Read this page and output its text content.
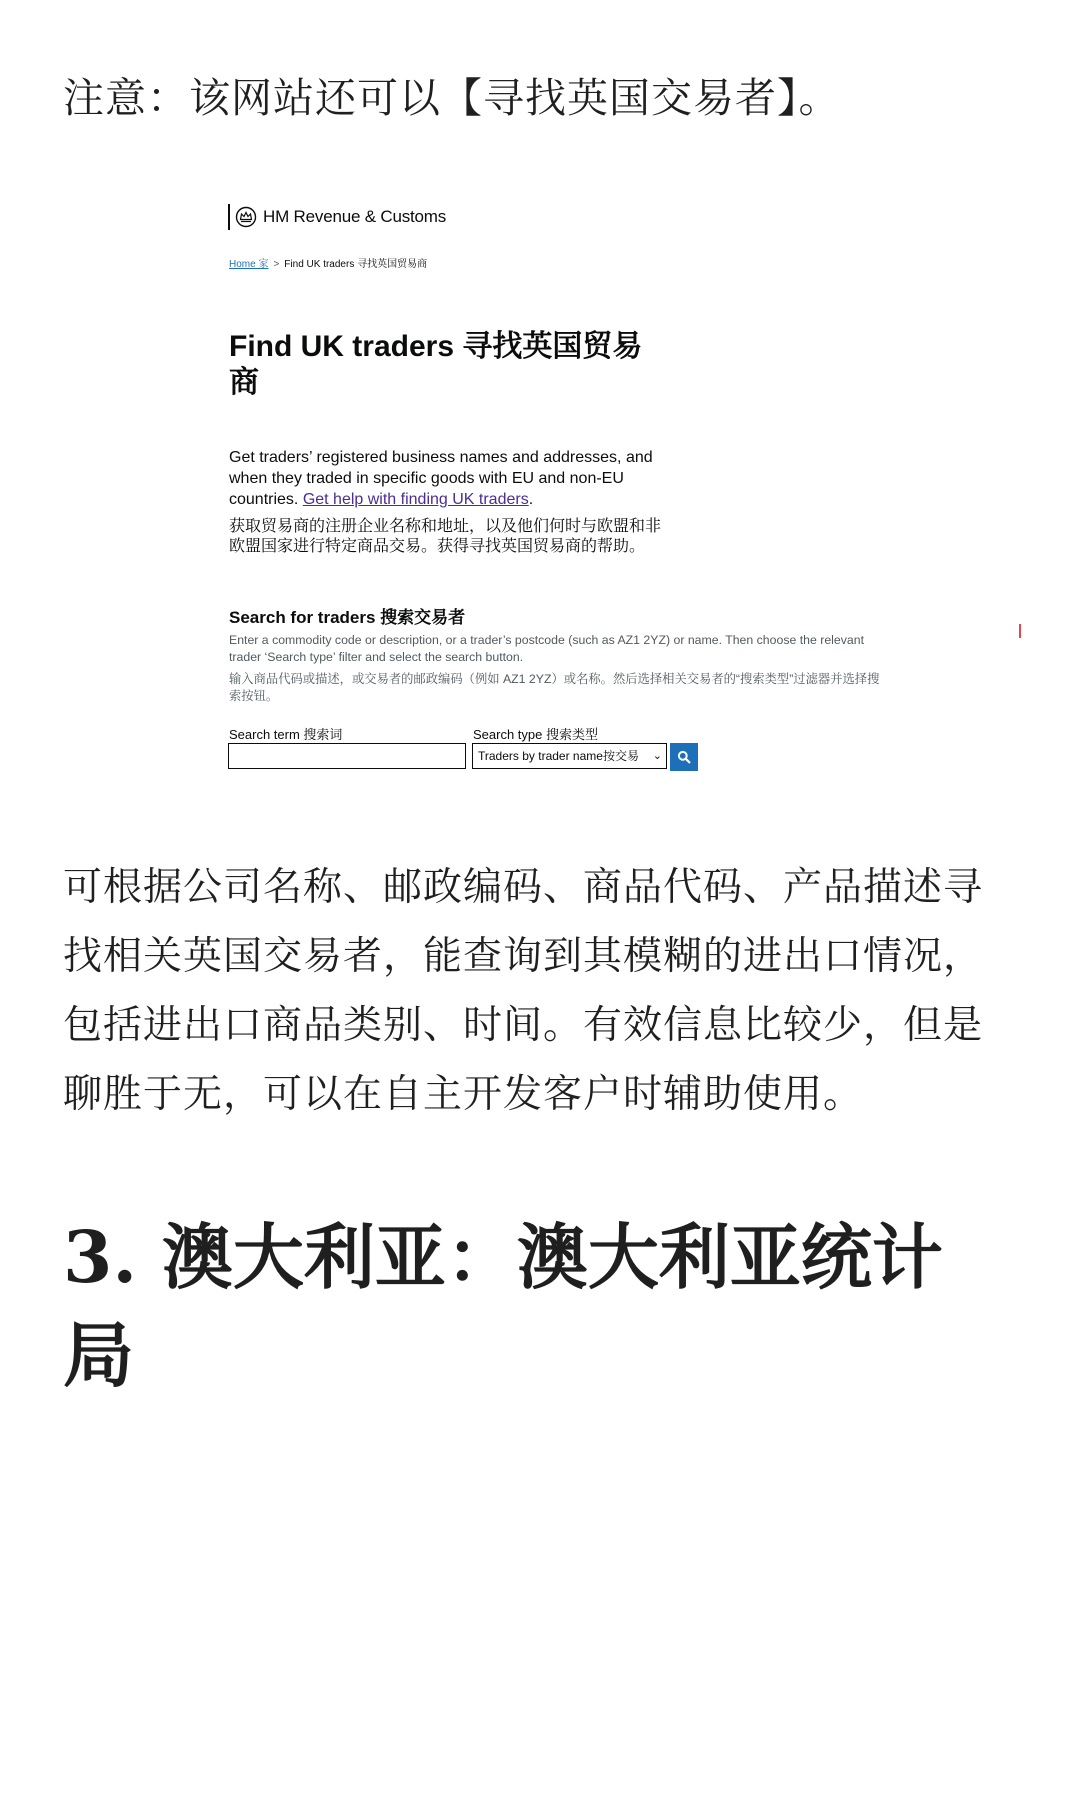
注意：该网站还可以【寻找英国交易者】。
HM Revenue & Customs
Home 家 > Find UK traders 寻找英国贸易商
Find UK traders 寻找英国贸易商
Get traders’ registered business names and addresses, and when they traded in specific goods with EU and non-EU countries. Get help with finding UK traders.
获取贸易商的注册企业名称和地址，以及他们何时与欧盟和非欧盟国家进行特定商品交易。获得寻找英国贸易商的帮助。
Search for traders 搜索交易者
Enter a commodity code or description, or a trader’s postcode (such as AZ1 2YZ) or name. Then choose the relevant trader ‘Search type’ filter and select the search button.
输入商品代码或描述，或交易者的邮政编码（例如 AZ1 2YZ）或名称。然后选择相关交易者的“搜索类型”过滤器并选择搜索按钮。
Search term 搜索词	Search type 搜索类型
Traders by trader name按交易 ⌄
可根据公司名称、邮政编码、商品代码、产品描述寻
找相关英国交易者，能查询到其模糊的进出口情况，
包括进出口商品类别、时间。有效信息比较少，但是
聊胜于无，可以在自主开发客户时辅助使用。
3. 澳大利亚：澳大利亚统计
局
